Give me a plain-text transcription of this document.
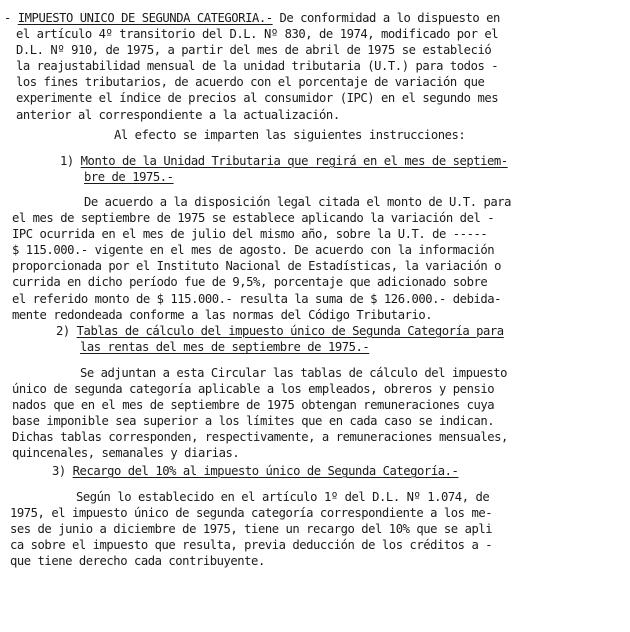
- IMPUESTO UNICO DE SEGUNDA CATEGORIA.- De conformidad a lo dispuesto en
el artículo 4º transitorio del D.L. Nº 830, de 1974, modificado por el
D.L. Nº 910, de 1975, a partir del mes de abril de 1975 se estableció
la reajustabilidad mensual de la unidad tributaria (U.T.) para todos -
los fines tributarios, de acuerdo con el porcentaje de variación que
experimente el índice de precios al consumidor (IPC) en el segundo mes
anterior al correspondiente a la actualización.
Al efecto se imparten las siguientes instrucciones:
1) Monto de la Unidad Tributaria que regirá en el mes de septiem-
bre de 1975.-
De acuerdo a la disposición legal citada el monto de U.T. para
el mes de septiembre de 1975 se establece aplicando la variación del -
IPC ocurrida en el mes de julio del mismo año, sobre la U.T. de -----
$ 115.000.- vigente en el mes de agosto. De acuerdo con la información
proporcionada por el Instituto Nacional de Estadísticas, la variación o
currida en dicho período fue de 9,5%, porcentaje que adicionado sobre
el referido monto de $ 115.000.- resulta la suma de $ 126.000.- debida-
mente redondeada conforme a las normas del Código Tributario.
2) Tablas de cálculo del impuesto único de Segunda Categoría para
las rentas del mes de septiembre de 1975.-
Se adjuntan a esta Circular las tablas de cálculo del impuesto
único de segunda categoría aplicable a los empleados, obreros y pensio
nados que en el mes de septiembre de 1975 obtengan remuneraciones cuya
base imponible sea superior a los límites que en cada caso se indican.
Dichas tablas corresponden, respectivamente, a remuneraciones mensuales,
quincenales, semanales y diarias.
3) Recargo del 10% al impuesto único de Segunda Categoría.-
Según lo establecido en el artículo 1º del D.L. Nº 1.074, de
1975, el impuesto único de segunda categoría correspondiente a los me-
ses de junio a diciembre de 1975, tiene un recargo del 10% que se apli
ca sobre el impuesto que resulta, previa deducción de los créditos a -
que tiene derecho cada contribuyente.
